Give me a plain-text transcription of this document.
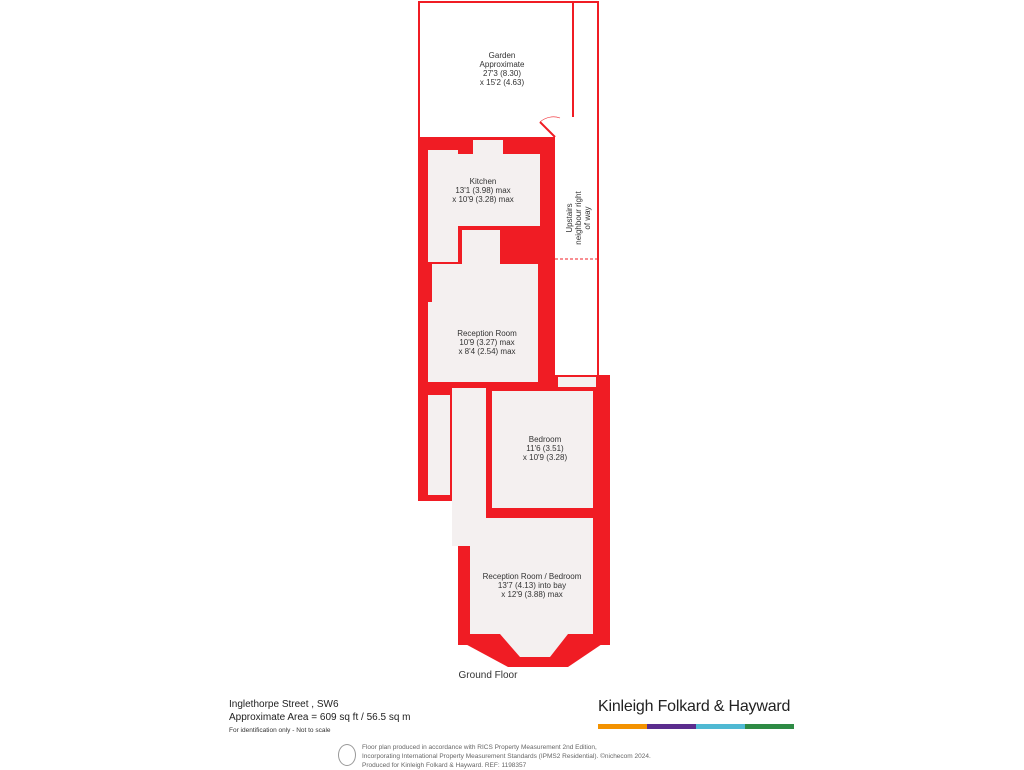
Garden
Approximate
27'3 (8.30)
x 15'2 (4.63)
Kitchen
13'1 (3.98) max
x 10'9 (3.28) max
Reception Room
10'9 (3.27) max
x 8'4 (2.54) max
Bedroom
11'6 (3.51)
x 10'9 (3.28)
Reception Room / Bedroom
13'7 (4.13) into bay
x 12'9 (3.88) max
Upstairs neighbour right of way
Ground Floor
Inglethorpe Street , SW6
Approximate Area = 609 sq ft / 56.5 sq m
For identification only - Not to scale
Kinleigh Folkard & Hayward
Floor plan produced in accordance with RICS Property Measurement 2nd Edition,
Incorporating International Property Measurement Standards (IPMS2 Residential). ©nichecom 2024.
Produced for Kinleigh Folkard & Hayward. REF: 1198357
